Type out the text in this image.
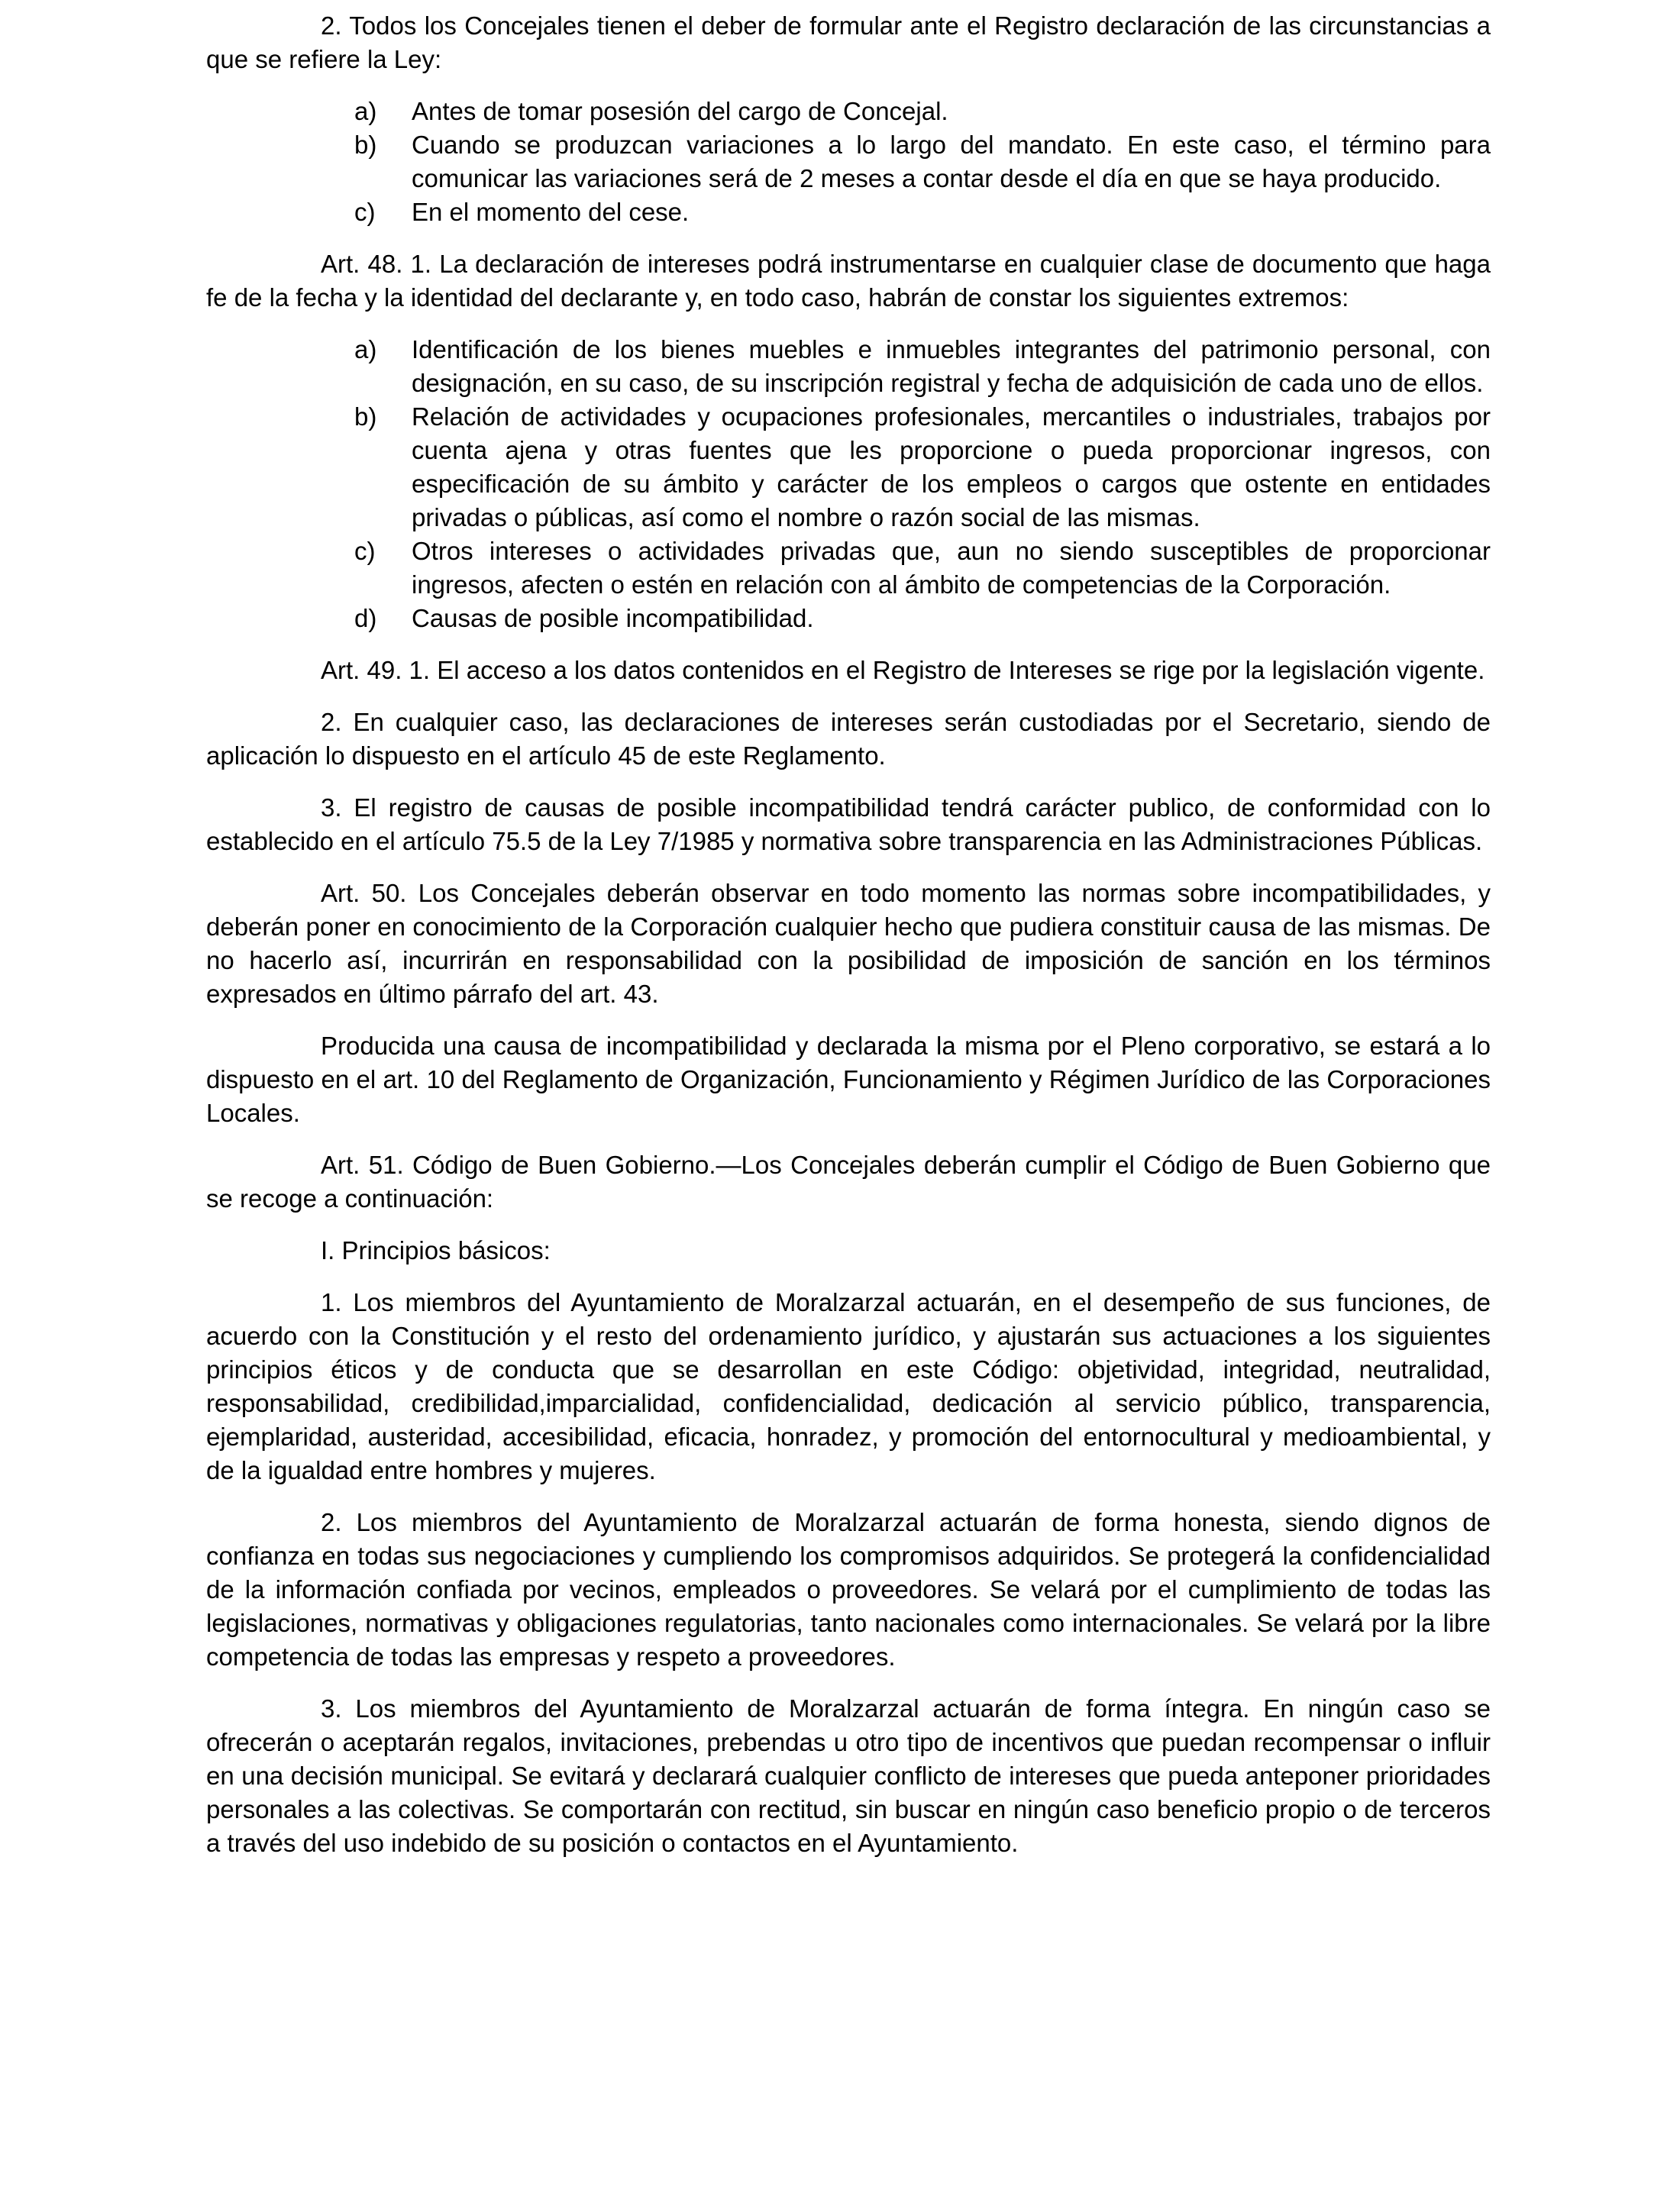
2. Todos los Concejales tienen el deber de formular ante el Registro declaración de las circunstancias a que se refiere la Ley:

a) Antes de tomar posesión del cargo de Concejal.
b) Cuando se produzcan variaciones a lo largo del mandato. En este caso, el término para comunicar las variaciones será de 2 meses a contar desde el día en que se haya producido.
c) En el momento del cese.

Art. 48. 1. La declaración de intereses podrá instrumentarse en cualquier clase de documento que haga fe de la fecha y la identidad del declarante y, en todo caso, habrán de constar los siguientes extremos:

a) Identificación de los bienes muebles e inmuebles integrantes del patrimonio personal, con designación, en su caso, de su inscripción registral y fecha de adquisición de cada uno de ellos.
b) Relación de actividades y ocupaciones profesionales, mercantiles o industriales, trabajos por cuenta ajena y otras fuentes que les proporcione o pueda proporcionar ingresos, con especificación de su ámbito y carácter de los empleos o cargos que ostente en entidades privadas o públicas, así como el nombre o razón social de las mismas.
c) Otros intereses o actividades privadas que, aun no siendo susceptibles de proporcionar ingresos, afecten o estén en relación con al ámbito de competencias de la Corporación.
d) Causas de posible incompatibilidad.

Art. 49. 1. El acceso a los datos contenidos en el Registro de Intereses se rige por la legislación vigente.

2. En cualquier caso, las declaraciones de intereses serán custodiadas por el Secretario, siendo de aplicación lo dispuesto en el artículo 45 de este Reglamento.

3. El registro de causas de posible incompatibilidad tendrá carácter publico, de conformidad con lo establecido en el artículo 75.5 de la Ley 7/1985 y normativa sobre transparencia en las Administraciones Públicas.

Art. 50. Los Concejales deberán observar en todo momento las normas sobre incompatibilidades, y deberán poner en conocimiento de la Corporación cualquier hecho que pudiera constituir causa de las mismas. De no hacerlo así, incurrirán en responsabilidad con la posibilidad de imposición de sanción en los términos expresados en último párrafo del art. 43.

Producida una causa de incompatibilidad y declarada la misma por el Pleno corporativo, se estará a lo dispuesto en el art. 10 del Reglamento de Organización, Funcionamiento y Régimen Jurídico de las Corporaciones Locales.

Art. 51. Código de Buen Gobierno.—Los Concejales deberán cumplir el Código de Buen Gobierno que se recoge a continuación:

I. Principios básicos:

1. Los miembros del Ayuntamiento de Moralzarzal actuarán, en el desempeño de sus funciones, de acuerdo con la Constitución y el resto del ordenamiento jurídico, y ajustarán sus actuaciones a los siguientes principios éticos y de conducta que se desarrollan en este Código: objetividad, integridad, neutralidad, responsabilidad, credibilidad,imparcialidad, confidencialidad, dedicación al servicio público, transparencia, ejemplaridad, austeridad, accesibilidad, eficacia, honradez, y promoción del entornocultural y medioambiental, y de la igualdad entre hombres y mujeres.

2. Los miembros del Ayuntamiento de Moralzarzal actuarán de forma honesta, siendo dignos de confianza en todas sus negociaciones y cumpliendo los compromisos adquiridos. Se protegerá la confidencialidad de la información confiada por vecinos, empleados o proveedores. Se velará por el cumplimiento de todas las legislaciones, normativas y obligaciones regulatorias, tanto nacionales como internacionales. Se velará por la libre competencia de todas las empresas y respeto a proveedores.

3. Los miembros del Ayuntamiento de Moralzarzal actuarán de forma íntegra. En ningún caso se ofrecerán o aceptarán regalos, invitaciones, prebendas u otro tipo de incentivos que puedan recompensar o influir en una decisión municipal. Se evitará y declarará cualquier conflicto de intereses que pueda anteponer prioridades personales a las colectivas. Se comportarán con rectitud, sin buscar en ningún caso beneficio propio o de terceros a través del uso indebido de su posición o contactos en el Ayuntamiento.
